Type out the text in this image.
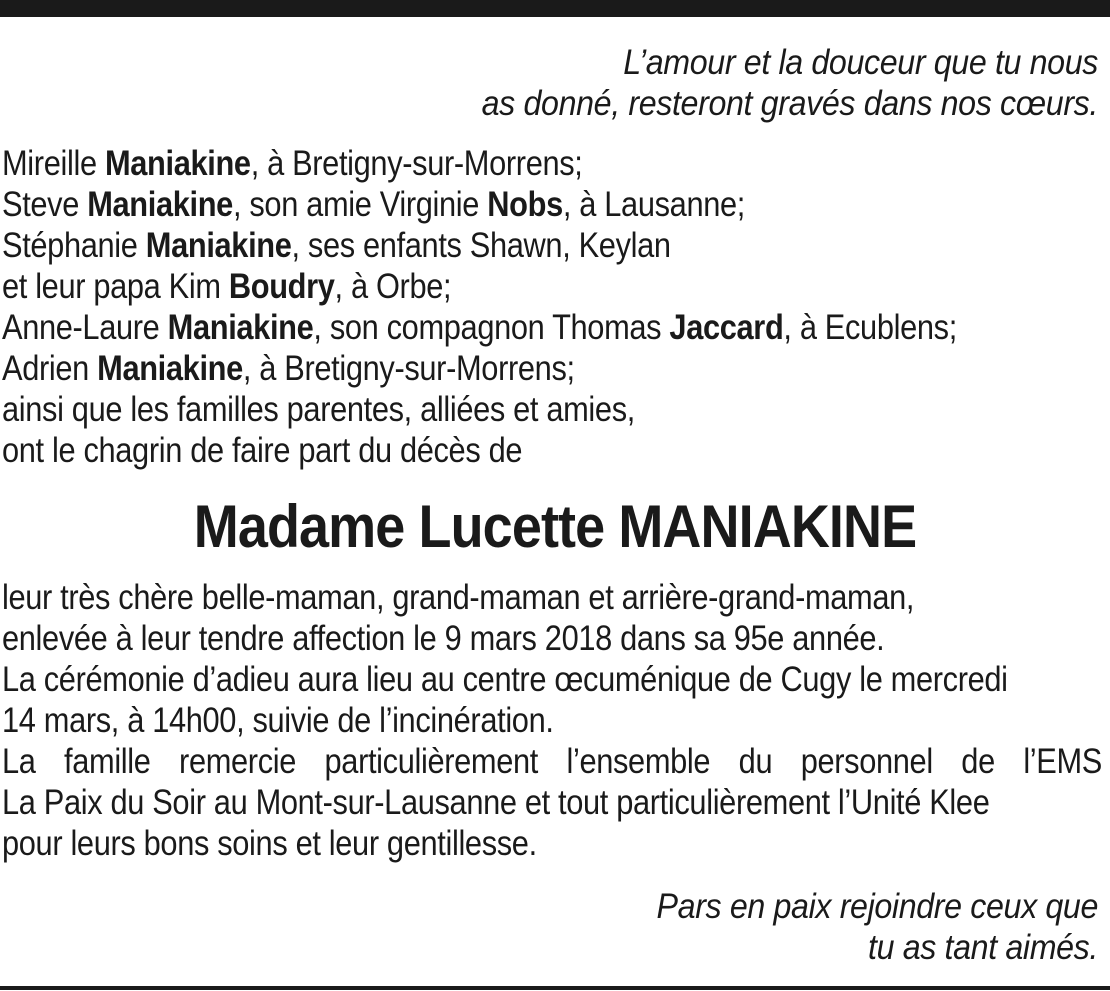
L’amour et la douceur que tu nous
as donné, resteront gravés dans nos cœurs.
Mireille Maniakine, à Bretigny-sur-Morrens;
Steve Maniakine, son amie Virginie Nobs, à Lausanne;
Stéphanie Maniakine, ses enfants Shawn, Keylan
et leur papa Kim Boudry, à Orbe;
Anne-Laure Maniakine, son compagnon Thomas Jaccard, à Ecublens;
Adrien Maniakine, à Bretigny-sur-Morrens;
ainsi que les familles parentes, alliées et amies,
ont le chagrin de faire part du décès de
Madame Lucette MANIAKINE
leur très chère belle-maman, grand-maman et arrière-grand-maman,
enlevée à leur tendre affection le 9 mars 2018 dans sa 95e année.
La cérémonie d’adieu aura lieu au centre œcuménique de Cugy le mercredi
14 mars, à 14h00, suivie de l’incinération.
La famille remercie particulièrement l’ensemble du personnel de l’EMS
La Paix du Soir au Mont-sur-Lausanne et tout particulièrement l’Unité Klee
pour leurs bons soins et leur gentillesse.
Pars en paix rejoindre ceux que
tu as tant aimés.
